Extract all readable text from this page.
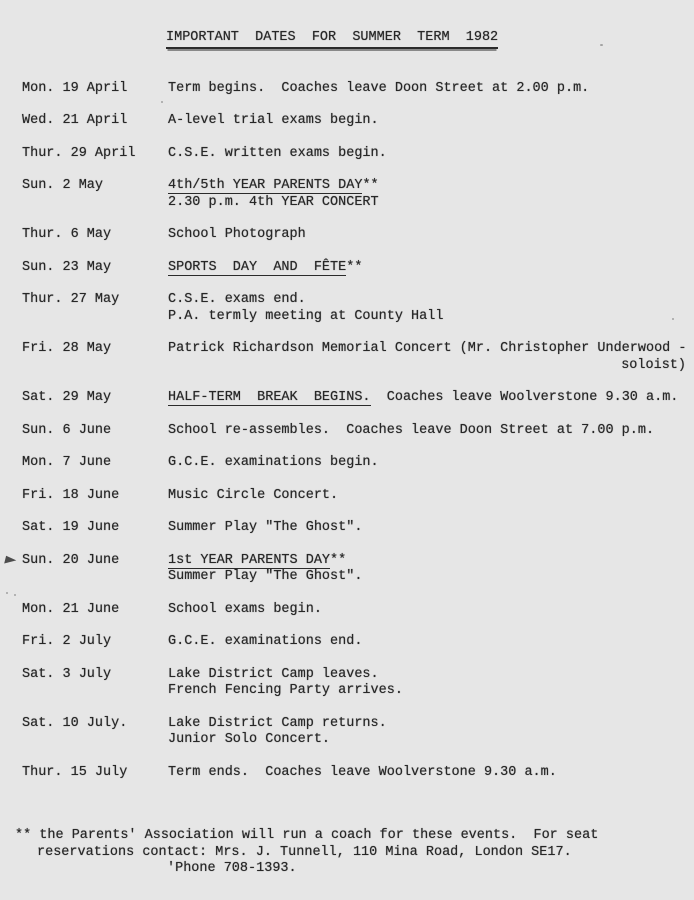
IMPORTANT  DATES  FOR  SUMMER  TERM  1982
Mon. 19 April	Term begins.  Coaches leave Doon Street at 2.00 p.m.
Wed. 21 April	A-level trial exams begin.
Thur. 29 April	C.S.E. written exams begin.
Sun. 2 May	4th/5th YEAR PARENTS DAY**
2.30 p.m. 4th YEAR CONCERT
Thur. 6 May	School Photograph
Sun. 23 May	SPORTS  DAY  AND  FÊTE**
Thur. 27 May	C.S.E. exams end.
P.A. termly meeting at County Hall
Fri. 28 May	Patrick Richardson Memorial Concert (Mr. Christopher Underwood -
soloist)
Sat. 29 May	HALF-TERM  BREAK  BEGINS.  Coaches leave Woolverstone 9.30 a.m.
Sun. 6 June	School re-assembles.  Coaches leave Doon Street at 7.00 p.m.
Mon. 7 June	G.C.E. examinations begin.
Fri. 18 June	Music Circle Concert.
Sat. 19 June	Summer Play "The Ghost".
Sun. 20 June	1st YEAR PARENTS DAY**
Summer Play "The Ghost".
Mon. 21 June	School exams begin.
Fri. 2 July	G.C.E. examinations end.
Sat. 3 July	Lake District Camp leaves.
French Fencing Party arrives.
Sat. 10 July.	Lake District Camp returns.
Junior Solo Concert.
Thur. 15 July	Term ends.  Coaches leave Woolverstone 9.30 a.m.
** the Parents' Association will run a coach for these events.  For seat
reservations contact: Mrs. J. Tunnell, 110 Mina Road, London SE17.
'Phone 708-1393.
